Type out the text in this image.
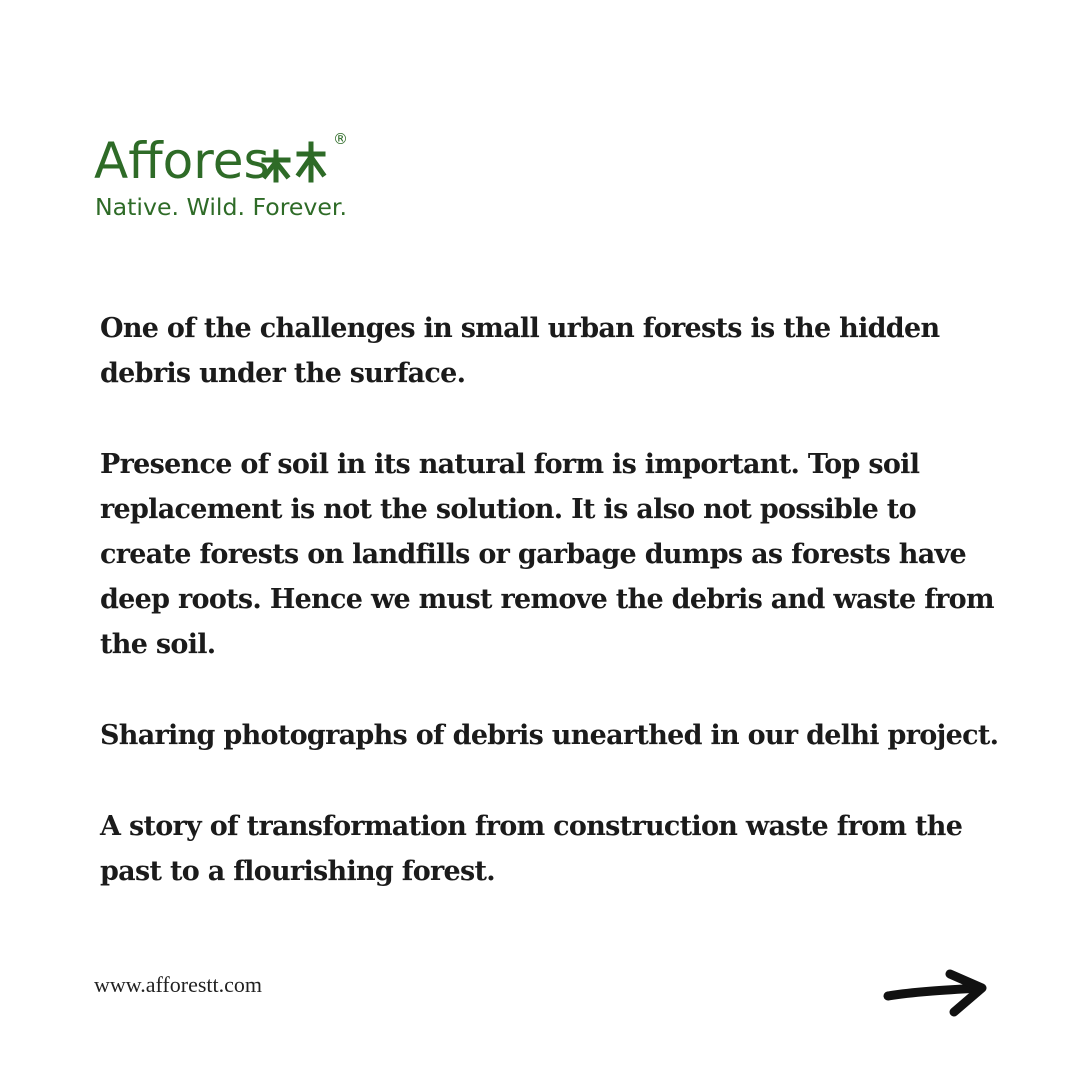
Affores	®
Native. Wild. Forever.

One of the challenges in small urban forests is the hidden debris under the surface.

Presence of soil in its natural form is important. Top soil replacement is not the solution. It is also not possible to create forests on landfills or garbage dumps as forests have deep roots. Hence we must remove the debris and waste from the soil.

Sharing photographs of debris unearthed in our delhi project.

A story of transformation from construction waste from the past to a flourishing forest.

www.afforestt.com
